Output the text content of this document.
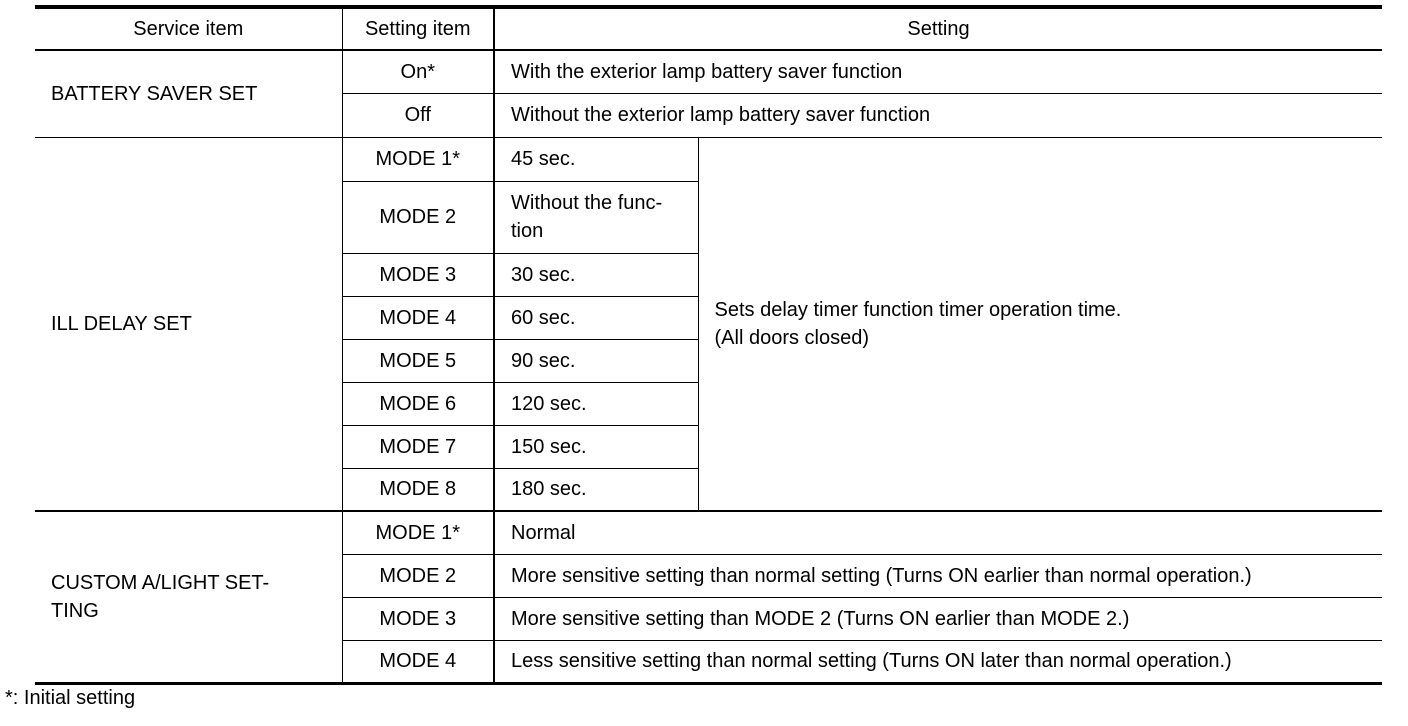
Service item	Setting item	Setting	
BATTERY SAVER SET	On*	With the exterior lamp battery saver function	
	Off	Without the exterior lamp battery saver function	
ILL DELAY SET	MODE 1*	45 sec.	Sets delay timer function timer operation time.
(All doors closed)
	MODE 2	Without the func-tion	
	MODE 3	30 sec.	
	MODE 4	60 sec.	
	MODE 5	90 sec.	
	MODE 6	120 sec.	
	MODE 7	150 sec.	
	MODE 8	180 sec.	
CUSTOM A/LIGHT SET-
TING	MODE 1*	Normal	
	MODE 2	More sensitive setting than normal setting (Turns ON earlier than normal operation.)	
	MODE 3	More sensitive setting than MODE 2 (Turns ON earlier than MODE 2.)	
	MODE 4	Less sensitive setting than normal setting (Turns ON later than normal operation.)	
*: Initial setting
